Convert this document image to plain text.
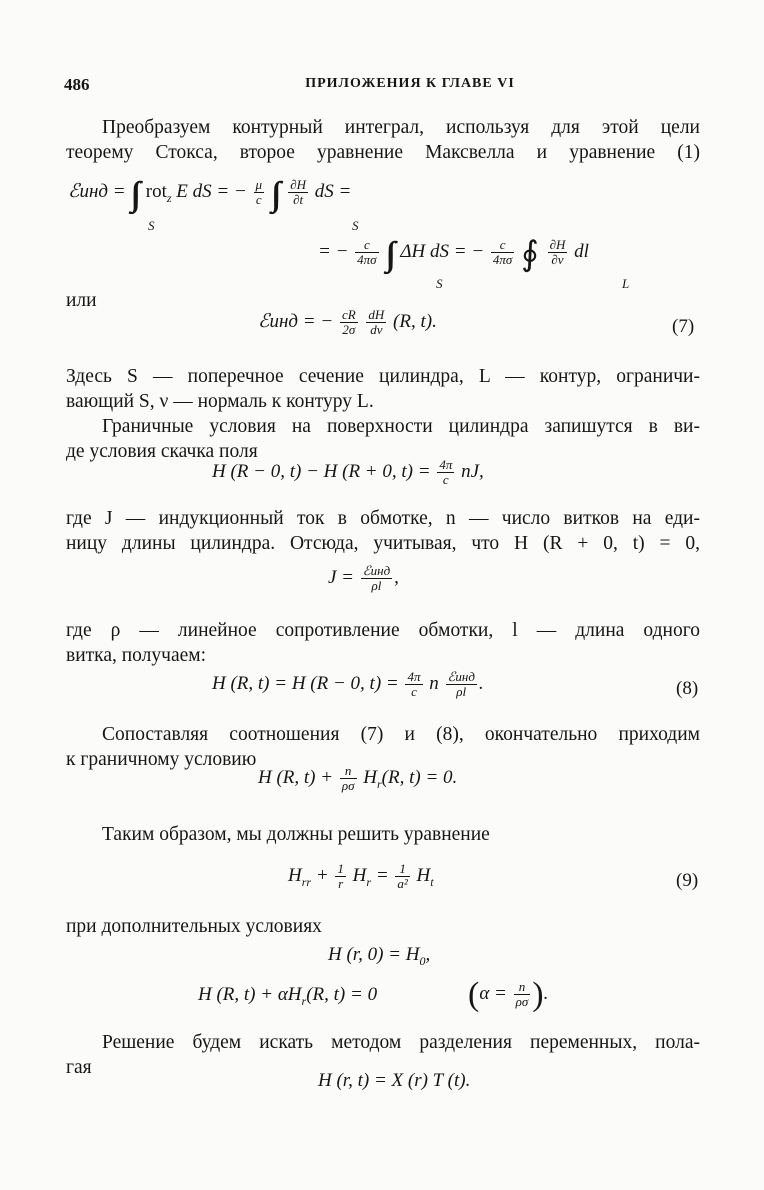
486	ПРИЛОЖЕНИЯ К ГЛАВЕ VI
Преобразуем контурный интеграл, используя для этой цели
теорему Стокса, второе уравнение Максвелла и уравнение (1)
ℰинд = ∫∫ rot$_z$ E dS = − $\frac{\mu}{c}$ ∫∫ $\frac{\partial H}{\partial t}$ dS =
S	S
= − $\frac{c}{4\pi\sigma}$ ∫∫ ΔH dS = − $\frac{c}{4\pi\sigma}$ ∮ $\frac{\partial H}{\partial\nu}$ dl
S	L
или
ℰинд = − $\frac{cR}{2\sigma}$
$\frac{dH}{d\nu} (R$, t).	(7)
Здесь S — поперечное сечение цилиндра, L — контур, ограничи-
вающий S, ν — нормаль к контуру L.
Граничные условия на поверхности цилиндра запишутся в ви-
де условия скачка поля
H (R − 0, t) − H (R + 0, $t) = \frac{4\pi}{c}$ nJ,
где J — индукционный ток в обмотке, n — число витков на еди-
ницу длины цилиндра. Отсюда, учитывая, что H (R + 0, t) = 0,
$J = \frac{\text{ℰинд}}{\rho l}$ ,
где ρ — линейное сопротивление обмотки, l — длина одного
витка, получаем:
H (R, t) = H (R − 0, $t) = \frac{4\pi}{c}$ n $\frac{\text{ℰинд}}{\rho l}$ .	(8)
Сопоставляя соотношения (7) и (8), окончательно приходим
к граничному условию
H (R, $t) + \frac{n}{\rho\sigma} H_r(R$, t) = 0.
Таким образом, мы должны решить уравнение
$H_{rr} + \frac{1}{r} H_r = \frac{1}{\text{a²}} H_t$	(9)
при дополнительных условиях
H (r, $0) = H_0$,
H (R, $t) + \alpha H_r(R$, t) = 0	($\alpha = \frac{n}{\rho\sigma}$ ).
Решение будем искать методом разделения переменных, пола-
гая
H (r, t) = X (r) T (t).
